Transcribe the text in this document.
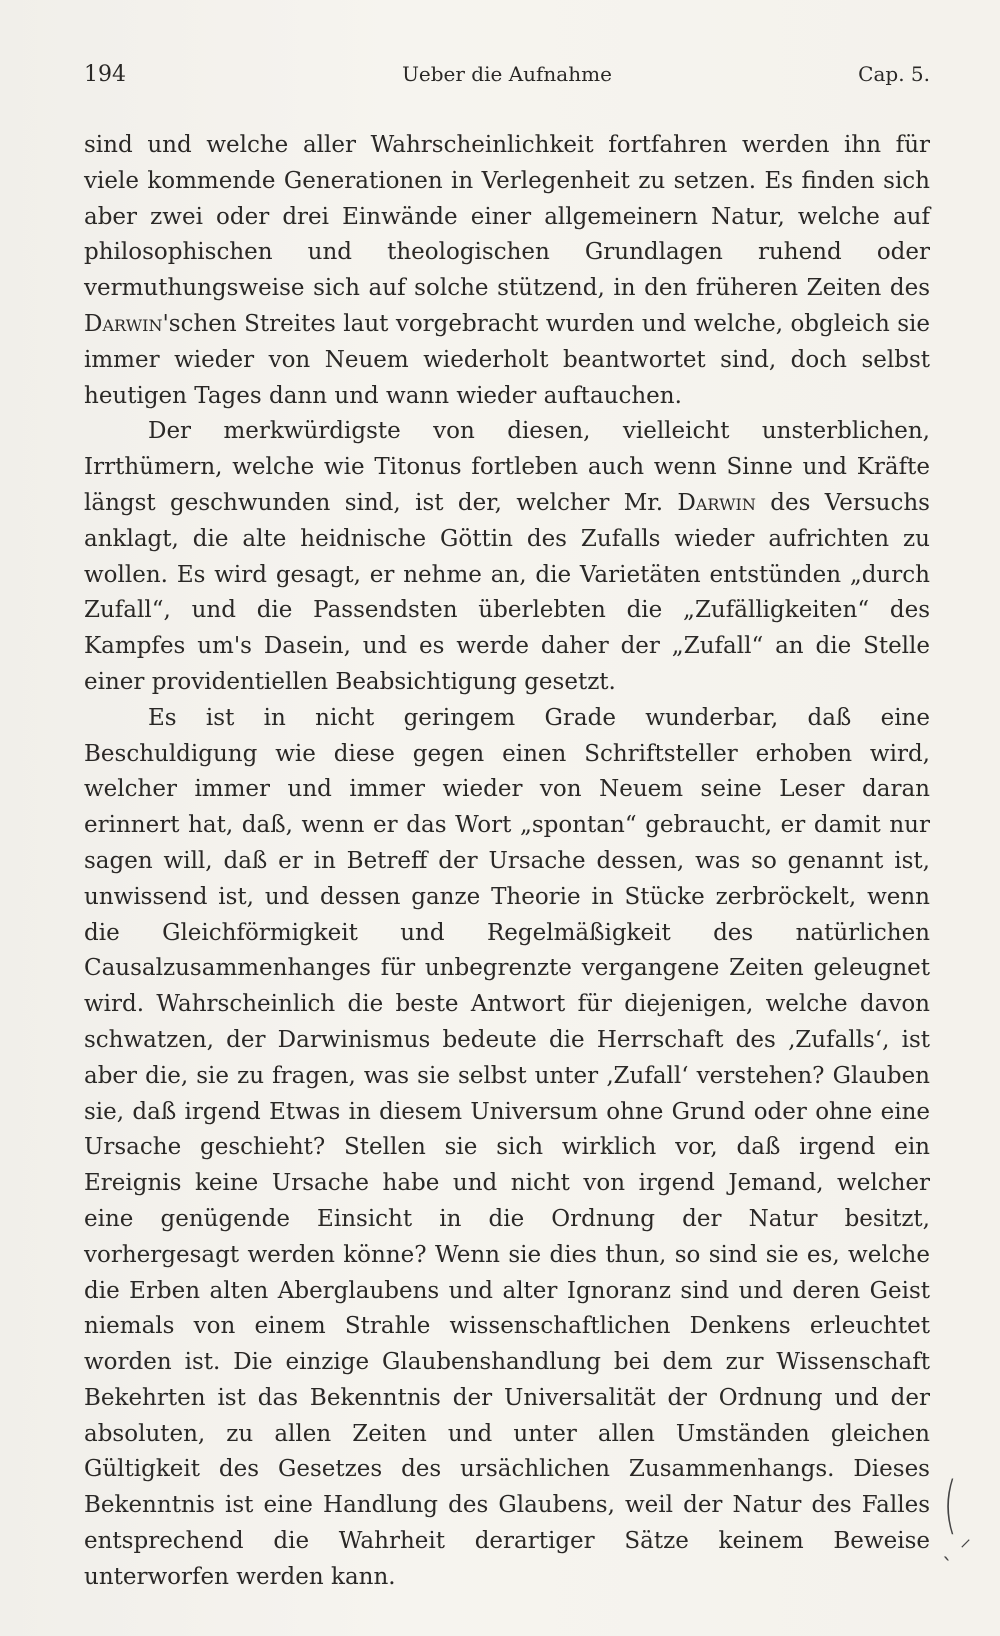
194	Ueber die Aufnahme	Cap. 5.

sind und welche aller Wahrscheinlichkeit fortfahren werden ihn für viele kommende Generationen in Verlegenheit zu setzen. Es finden sich aber zwei oder drei Einwände einer allgemeinern Natur, welche auf philosophischen und theologischen Grundlagen ruhend oder vermuthungsweise sich auf solche stützend, in den früheren Zeiten des Darwin'schen Streites laut vorgebracht wurden und welche, obgleich sie immer wieder von Neuem wiederholt beantwortet sind, doch selbst heutigen Tages dann und wann wieder auftauchen.

Der merkwürdigste von diesen, vielleicht unsterblichen, Irrthümern, welche wie Titonus fortleben auch wenn Sinne und Kräfte längst geschwunden sind, ist der, welcher Mr. Darwin des Versuchs anklagt, die alte heidnische Göttin des Zufalls wieder aufrichten zu wollen. Es wird gesagt, er nehme an, die Varietäten entstünden „durch Zufall“, und die Passendsten überlebten die „Zufälligkeiten“ des Kampfes um's Dasein, und es werde daher der „Zufall“ an die Stelle einer providentiellen Beabsichtigung gesetzt.

Es ist in nicht geringem Grade wunderbar, daß eine Beschuldigung wie diese gegen einen Schriftsteller erhoben wird, welcher immer und immer wieder von Neuem seine Leser daran erinnert hat, daß, wenn er das Wort „spontan“ gebraucht, er damit nur sagen will, daß er in Betreff der Ursache dessen, was so genannt ist, unwissend ist, und dessen ganze Theorie in Stücke zerbröckelt, wenn die Gleichförmigkeit und Regelmäßigkeit des natürlichen Causalzusammenhanges für unbegrenzte vergangene Zeiten geleugnet wird. Wahrscheinlich die beste Antwort für diejenigen, welche davon schwatzen, der Darwinismus bedeute die Herrschaft des ‚Zufalls‘, ist aber die, sie zu fragen, was sie selbst unter ‚Zufall‘ verstehen? Glauben sie, daß irgend Etwas in diesem Universum ohne Grund oder ohne eine Ursache geschieht? Stellen sie sich wirklich vor, daß irgend ein Ereignis keine Ursache habe und nicht von irgend Jemand, welcher eine genügende Einsicht in die Ordnung der Natur besitzt, vorhergesagt werden könne? Wenn sie dies thun, so sind sie es, welche die Erben alten Aberglaubens und alter Ignoranz sind und deren Geist niemals von einem Strahle wissenschaftlichen Denkens erleuchtet worden ist. Die einzige Glaubenshandlung bei dem zur Wissenschaft Bekehrten ist das Bekenntnis der Universalität der Ordnung und der absoluten, zu allen Zeiten und unter allen Umständen gleichen Gültigkeit des Gesetzes des ursächlichen Zusammenhangs. Dieses Bekenntnis ist eine Handlung des Glaubens, weil der Natur des Falles entsprechend die Wahrheit derartiger Sätze keinem Beweise unterworfen werden kann.

(
ˎ ⸍
